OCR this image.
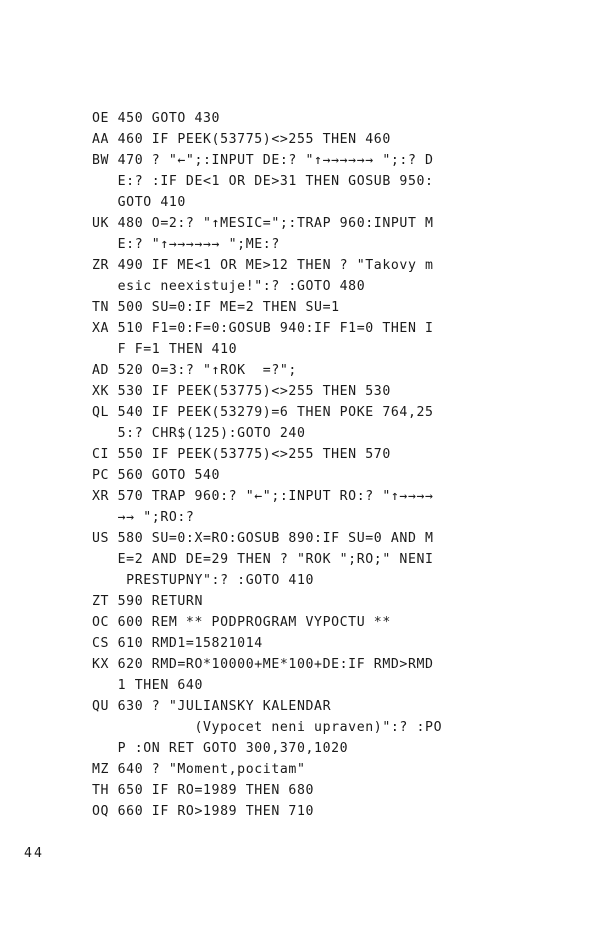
OE 450 GOTO 430
AA 460 IF PEEK(53775)<>255 THEN 460
BW 470 ? "←";:INPUT DE:? "↑→→→→→→ ";:? D
E:? :IF DE<1 OR DE>31 THEN GOSUB 950:
GOTO 410
UK 480 O=2:? "↑MESIC=";:TRAP 960:INPUT M
E:? "↑→→→→→→ ";ME:?
ZR 490 IF ME<1 OR ME>12 THEN ? "Takovy m
esic neexistuje!":? :GOTO 480
TN 500 SU=0:IF ME=2 THEN SU=1
XA 510 F1=0:F=0:GOSUB 940:IF F1=0 THEN I
F F=1 THEN 410
AD 520 O=3:? "↑ROK  =?";
XK 530 IF PEEK(53775)<>255 THEN 530
QL 540 IF PEEK(53279)=6 THEN POKE 764,25
5:? CHR$(125):GOTO 240
CI 550 IF PEEK(53775)<>255 THEN 570
PC 560 GOTO 540
XR 570 TRAP 960:? "←";:INPUT RO:? "↑→→→→
→→ ";RO:?
US 580 SU=0:X=RO:GOSUB 890:IF SU=0 AND M
E=2 AND DE=29 THEN ? "ROK ";RO;" NENI
PRESTUPNY":? :GOTO 410
ZT 590 RETURN
OC 600 REM ** PODPROGRAM VYPOCTU **
CS 610 RMD1=15821014
KX 620 RMD=RO*10000+ME*100+DE:IF RMD>RMD
1 THEN 640
QU 630 ? "JULIANSKY KALENDAR
(Vypocet neni upraven)":? :PO
P :ON RET GOTO 300,370,1020
MZ 640 ? "Moment,pocitam"
TH 650 IF RO=1989 THEN 680
OQ 660 IF RO>1989 THEN 710
44
